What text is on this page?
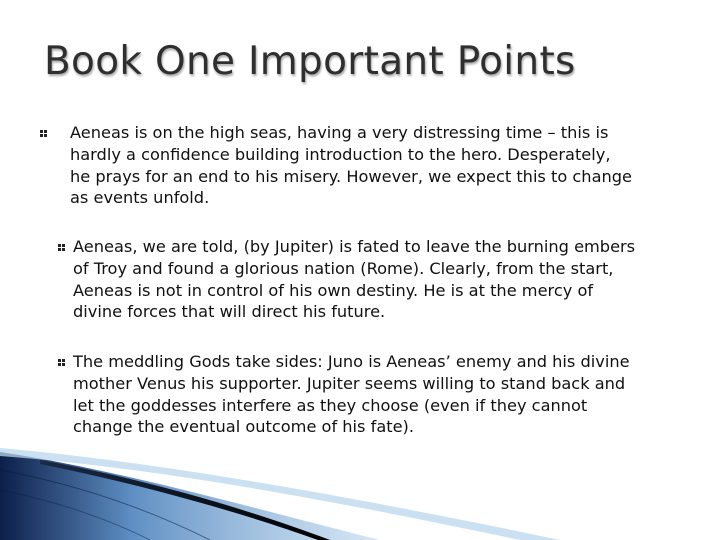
Book One Important Points

Aeneas is on the high seas, having a very distressing time – this is
hardly a confidence building introduction to the hero. Desperately,
he prays for an end to his misery. However, we expect this to change
as events unfold.

Aeneas, we are told, (by Jupiter) is fated to leave the burning embers
of Troy and found a glorious nation (Rome). Clearly, from the start,
Aeneas is not in control of his own destiny. He is at the mercy of
divine forces that will direct his future.

The meddling Gods take sides: Juno is Aeneas’ enemy and his divine
mother Venus his supporter. Jupiter seems willing to stand back and
let the goddesses interfere as they choose (even if they cannot
change the eventual outcome of his fate).
